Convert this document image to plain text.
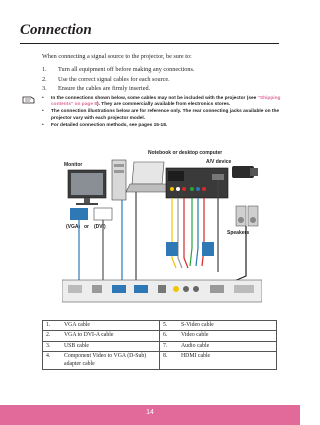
Connection
When connecting a signal source to the projector, be sure to:
1. Turn all equipment off before making any connections.
2. Use the correct signal cables for each source.
3. Ensure the cables are firmly inserted.
• In the connections shown below, some cables may not be included with the projector (see "Shipping contents" on page 8). They are commercially available from electronics stores.
• The connection illustrations below are for reference only. The rear connecting jacks available on the projector vary with each projector model.
• For detailed connection methods, see pages 15-18.
Notebook or desktop computer
A/V device
Monitor
(VGA) or (DVI)
Speakers
1. VGA cable	5. S-Video cable

2. VGA to DVI-A cable	6. Video cable

3. USB cable	7. Audio cable

4. Component Video to VGA (D-Sub) adapter cable	8. HDMI cable
14
